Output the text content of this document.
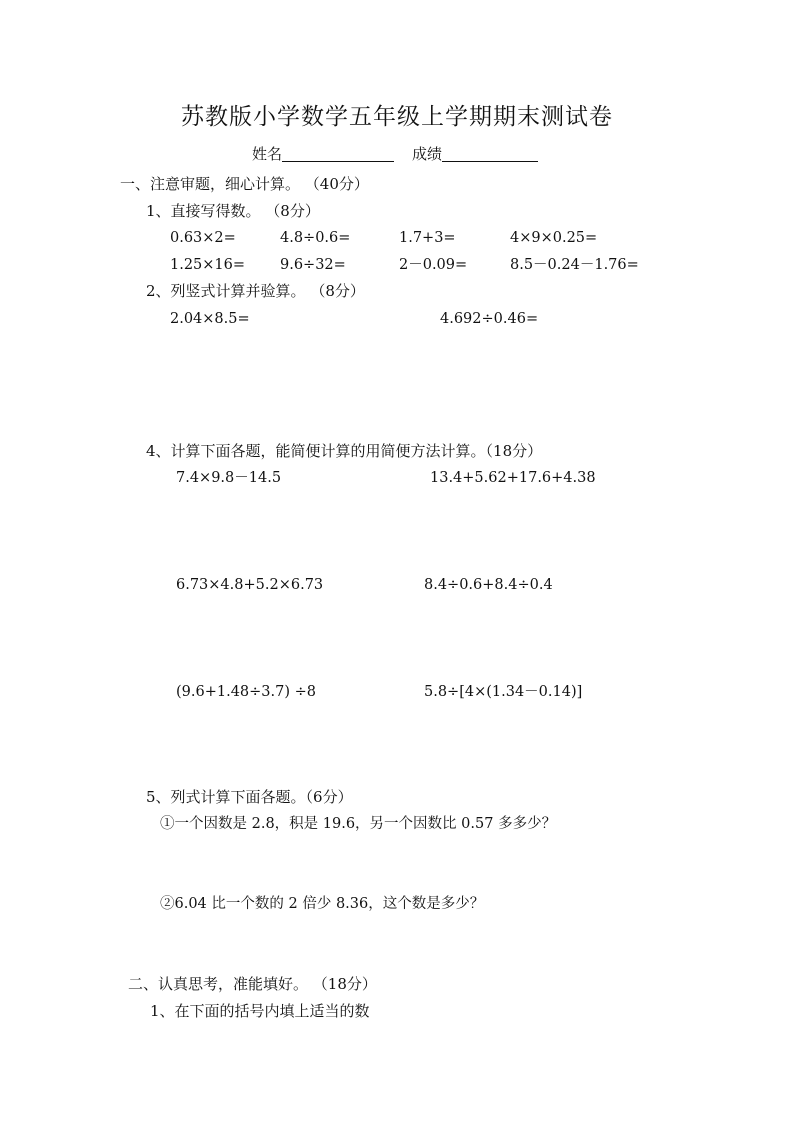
苏教版小学数学五年级上学期期末测试卷
姓名	成绩
一、注意审题，细心计算。 （40分）
1、直接写得数。 （8分）
0.63×2=	4.8÷0.6=	1.7+3=	4×9×0.25=
1.25×16= 9.6÷32=	2－0.09=	8.5－0.24－1.76=
2、列竖式计算并验算。 （8分）
2.04×8.5=	4.692÷0.46=
4、计算下面各题，能简便计算的用简便方法计算。（18分）
7.4×9.8－14.5	13.4+5.62+17.6+4.38
6.73×4.8+5.2×6.73	8.4÷0.6+8.4÷0.4
(9.6+1.48÷3.7) ÷8	5.8÷[4×(1.34－0.14)]
5、列式计算下面各题。（6分）
①一个因数是 2.8，积是 19.6，另一个因数比 0.57 多多少？
②6.04 比一个数的 2 倍少 8.36，这个数是多少？
二、认真思考，准能填好。 （18分）
1、在下面的括号内填上适当的数
